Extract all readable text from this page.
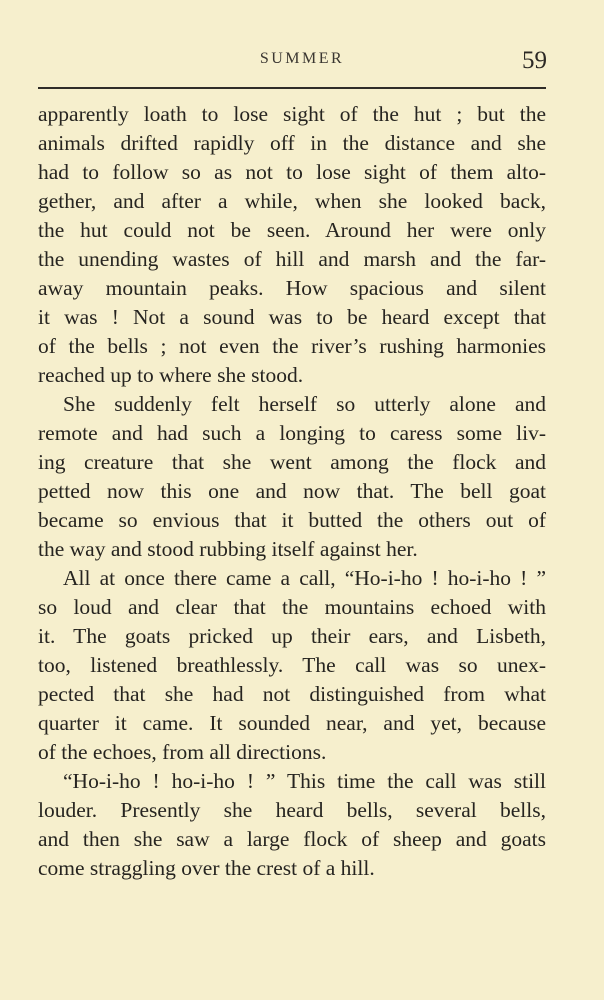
SUMMER	59

apparently loath to lose sight of the hut ; but the
animals drifted rapidly off in the distance and she
had to follow so as not to lose sight of them alto-
gether, and after a while, when she looked back,
the hut could not be seen. Around her were only
the unending wastes of hill and marsh and the far-
away mountain peaks. How spacious and silent
it was ! Not a sound was to be heard except that
of the bells ; not even the river’s rushing harmonies
reached up to where she stood.

She suddenly felt herself so utterly alone and
remote and had such a longing to caress some liv-
ing creature that she went among the flock and
petted now this one and now that. The bell goat
became so envious that it butted the others out of
the way and stood rubbing itself against her.

All at once there came a call, “Ho-i-ho ! ho-i-ho ! ”
so loud and clear that the mountains echoed with
it. The goats pricked up their ears, and Lisbeth,
too, listened breathlessly. The call was so unex-
pected that she had not distinguished from what
quarter it came. It sounded near, and yet, because
of the echoes, from all directions.

“Ho-i-ho ! ho-i-ho ! ” This time the call was still
louder. Presently she heard bells, several bells,
and then she saw a large flock of sheep and goats
come straggling over the crest of a hill.
